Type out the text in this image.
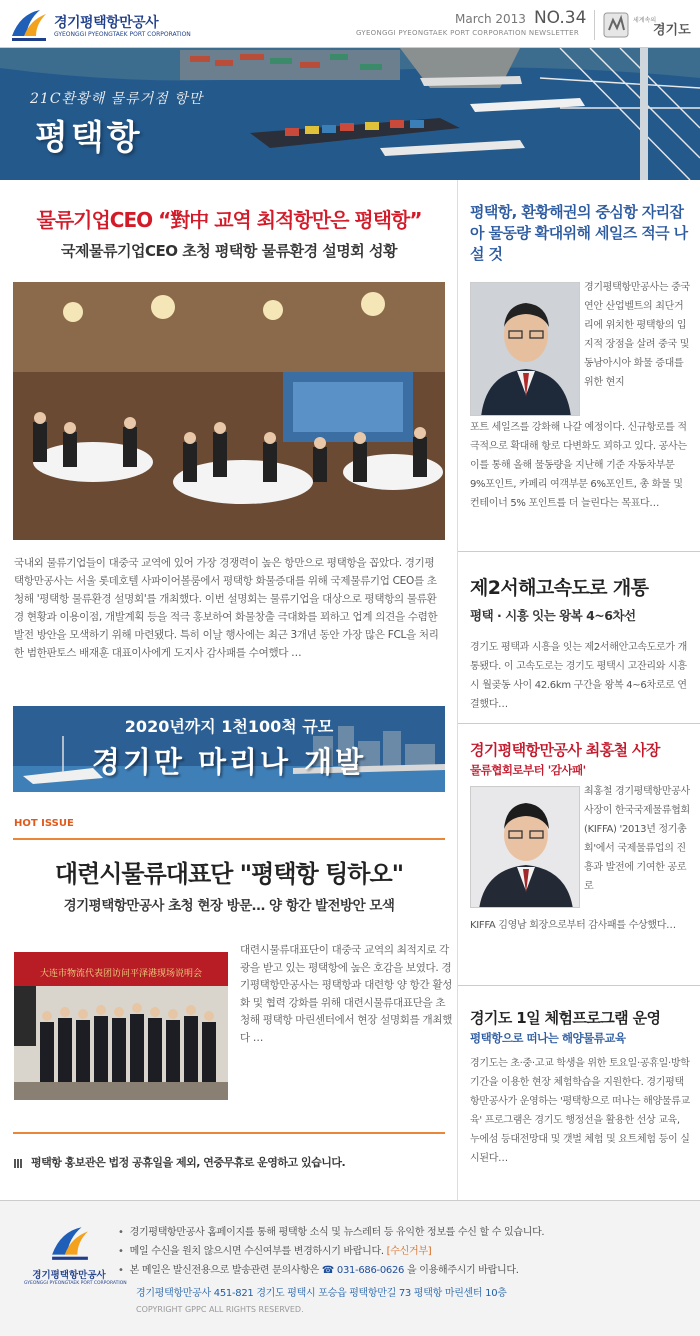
경기평택항만공사
GYEONGGI PYEONGTAEK PORT CORPORATION
March 2013 NO.34
GYEONGGI PYEONGTAEK PORT CORPORATION NEWSLETTER
세계속의
경기도
21C환황해 물류거점 항만
평택항
물류기업CEO “對中 교역 최적항만은 평택항”
국제물류기업CEO 초청 평택항 물류환경 설명회 성황
국내외 물류기업들이 대중국 교역에 있어 가장 경쟁력이 높은 항만으로 평택항을 꼽았다. 경기평택항만공사는 서울 롯데호텔 사파이어볼룸에서 평택항 화물증대를 위해 국제물류기업 CEO를 초청해 '평택항 물류환경 설명회'를 개최했다. 이번 설명회는 물류기업을 대상으로 평택항의 물류환경 현황과 이용이점, 개발계획 등을 적극 홍보하여 화물창출 극대화를 꾀하고 업계 의견을 수렴한 발전 방안을 모색하기 위해 마련됐다. 특히 이날 행사에는 최근 3개년 동안 가장 많은 FCL을 처리한 범한판토스 배재훈 대표이사에게 도지사 감사패를 수여했다 …
2020년까지 1천100척 규모
경기만 마리나 개발
HOT ISSUE
대련시물류대표단 "평택항 팅하오"
경기평택항만공사 초청 현장 방문… 양 항간 발전방안 모색
大连市物流代表团访问平泽港现场说明会
대련시물류대표단이 대중국 교역의 최적지로 각광을 받고 있는 평택항에 높은 호감을 보였다. 경기평택항만공사는 평택항과 대련항 양 항간 활성화 및 협력 강화를 위해 대련시물류대표단을 초청해 평택항 마린센터에서 현장 설명회를 개최했다 …
평택항 홍보관은 법정 공휴일을 제외, 연중무휴로 운영하고 있습니다.
평택항, 환황해권의 중심항 자리잡아 물동량 확대위해 세일즈 적극 나설 것
경기평택항만공사는 중국 연안 산업벨트의 최단거리에 위치한 평택항의 입지적 장점을 살려 중국 및 동남아시아 화물 증대를 위한 현지
포트 세일즈를 강화해 나갈 예정이다. 신규항로를 적극적으로 확대해 항로 다변화도 꾀하고 있다. 공사는 이를 통해 올해 물동량을 지난해 기준 자동차부문 9%포인트, 카페리 여객부문 6%포인트, 총 화물 및 컨테이너 5% 포인트를 더 늘린다는 목표다…
제2서해고속도로 개통
평택 · 시흥 잇는 왕복 4~6차선
경기도 평택과 시흥을 잇는 제2서해안고속도로가 개통됐다. 이 고속도로는 경기도 평택시 고잔리와 시흥시 월곶동 사이 42.6km 구간을 왕복 4~6차로로 연결했다…
경기평택항만공사 최홍철 사장
물류협회로부터 '감사패'
최홍철 경기평택항만공사 사장이 한국국제물류협회(KIFFA) '2013년 정기총회'에서 국제물류업의 진흥과 발전에 기여한 공로로
KIFFA 김영남 회장으로부터 감사패를 수상했다…
경기도 1일 체험프로그램 운영
평택항으로 떠나는 해양물류교육
경기도는 초·중·고교 학생을 위한 토요일·공휴일·방학 기간을 이용한 현장 체험학습을 지원한다. 경기평택항만공사가 운영하는 '평택항으로 떠나는 해양물류교육' 프로그램은 경기도 행정선을 활용한 선상 교육, 누에섬 등대전망대 및 갯벌 체험 및 요트체험 등이 실시된다…
경기평택항만공사
GYEONGGI PYEONGTAEK PORT CORPORATION
• 경기평택항만공사 홈페이지를 통해 평택항 소식 및 뉴스레터 등 유익한 정보를 수신 할 수 있습니다.
• 메일 수신을 원치 않으시면 수신여부를 변경하시기 바랍니다. [수신거부]
• 본 메일은 발신전용으로 발송관련 문의사항은 ☎ 031-686-0626 을 이용해주시기 바랍니다.
경기평택항만공사 451-821 경기도 평택시 포승읍 평택항만길 73 평택항 마린센터 10층
COPYRIGHT GPPC ALL RIGHTS RESERVED.
